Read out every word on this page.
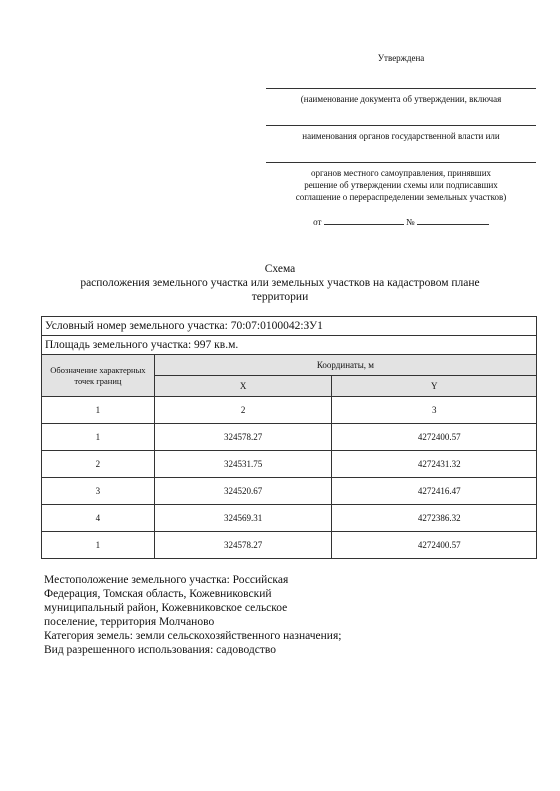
Утверждена
(наименование документа об утверждении, включая
наименования органов государственной власти или
органов местного самоуправления, принявших
решение об утверждении схемы или подписавших
соглашение о перераспределении земельных участков)
от	№
Схема
расположения земельного участка или земельных участков на кадастровом плане
территории
Условный номер земельного участка: 70:07:0100042:ЗУ1		
Площадь земельного участка: 997 кв.м.		
Обозначение характерных точек границ	Координаты, м	
	X	Y
1	2	3
1	324578.27	4272400.57
2	324531.75	4272431.32
3	324520.67	4272416.47
4	324569.31	4272386.32
1	324578.27	4272400.57
Местоположение земельного участка: Российская
Федерация, Томская область, Кожевниковский
муниципальный район, Кожевниковское сельское
поселение, территория Молчаново
Категория земель: земли сельскохозяйственного назначения;
Вид разрешенного использования: садоводство
